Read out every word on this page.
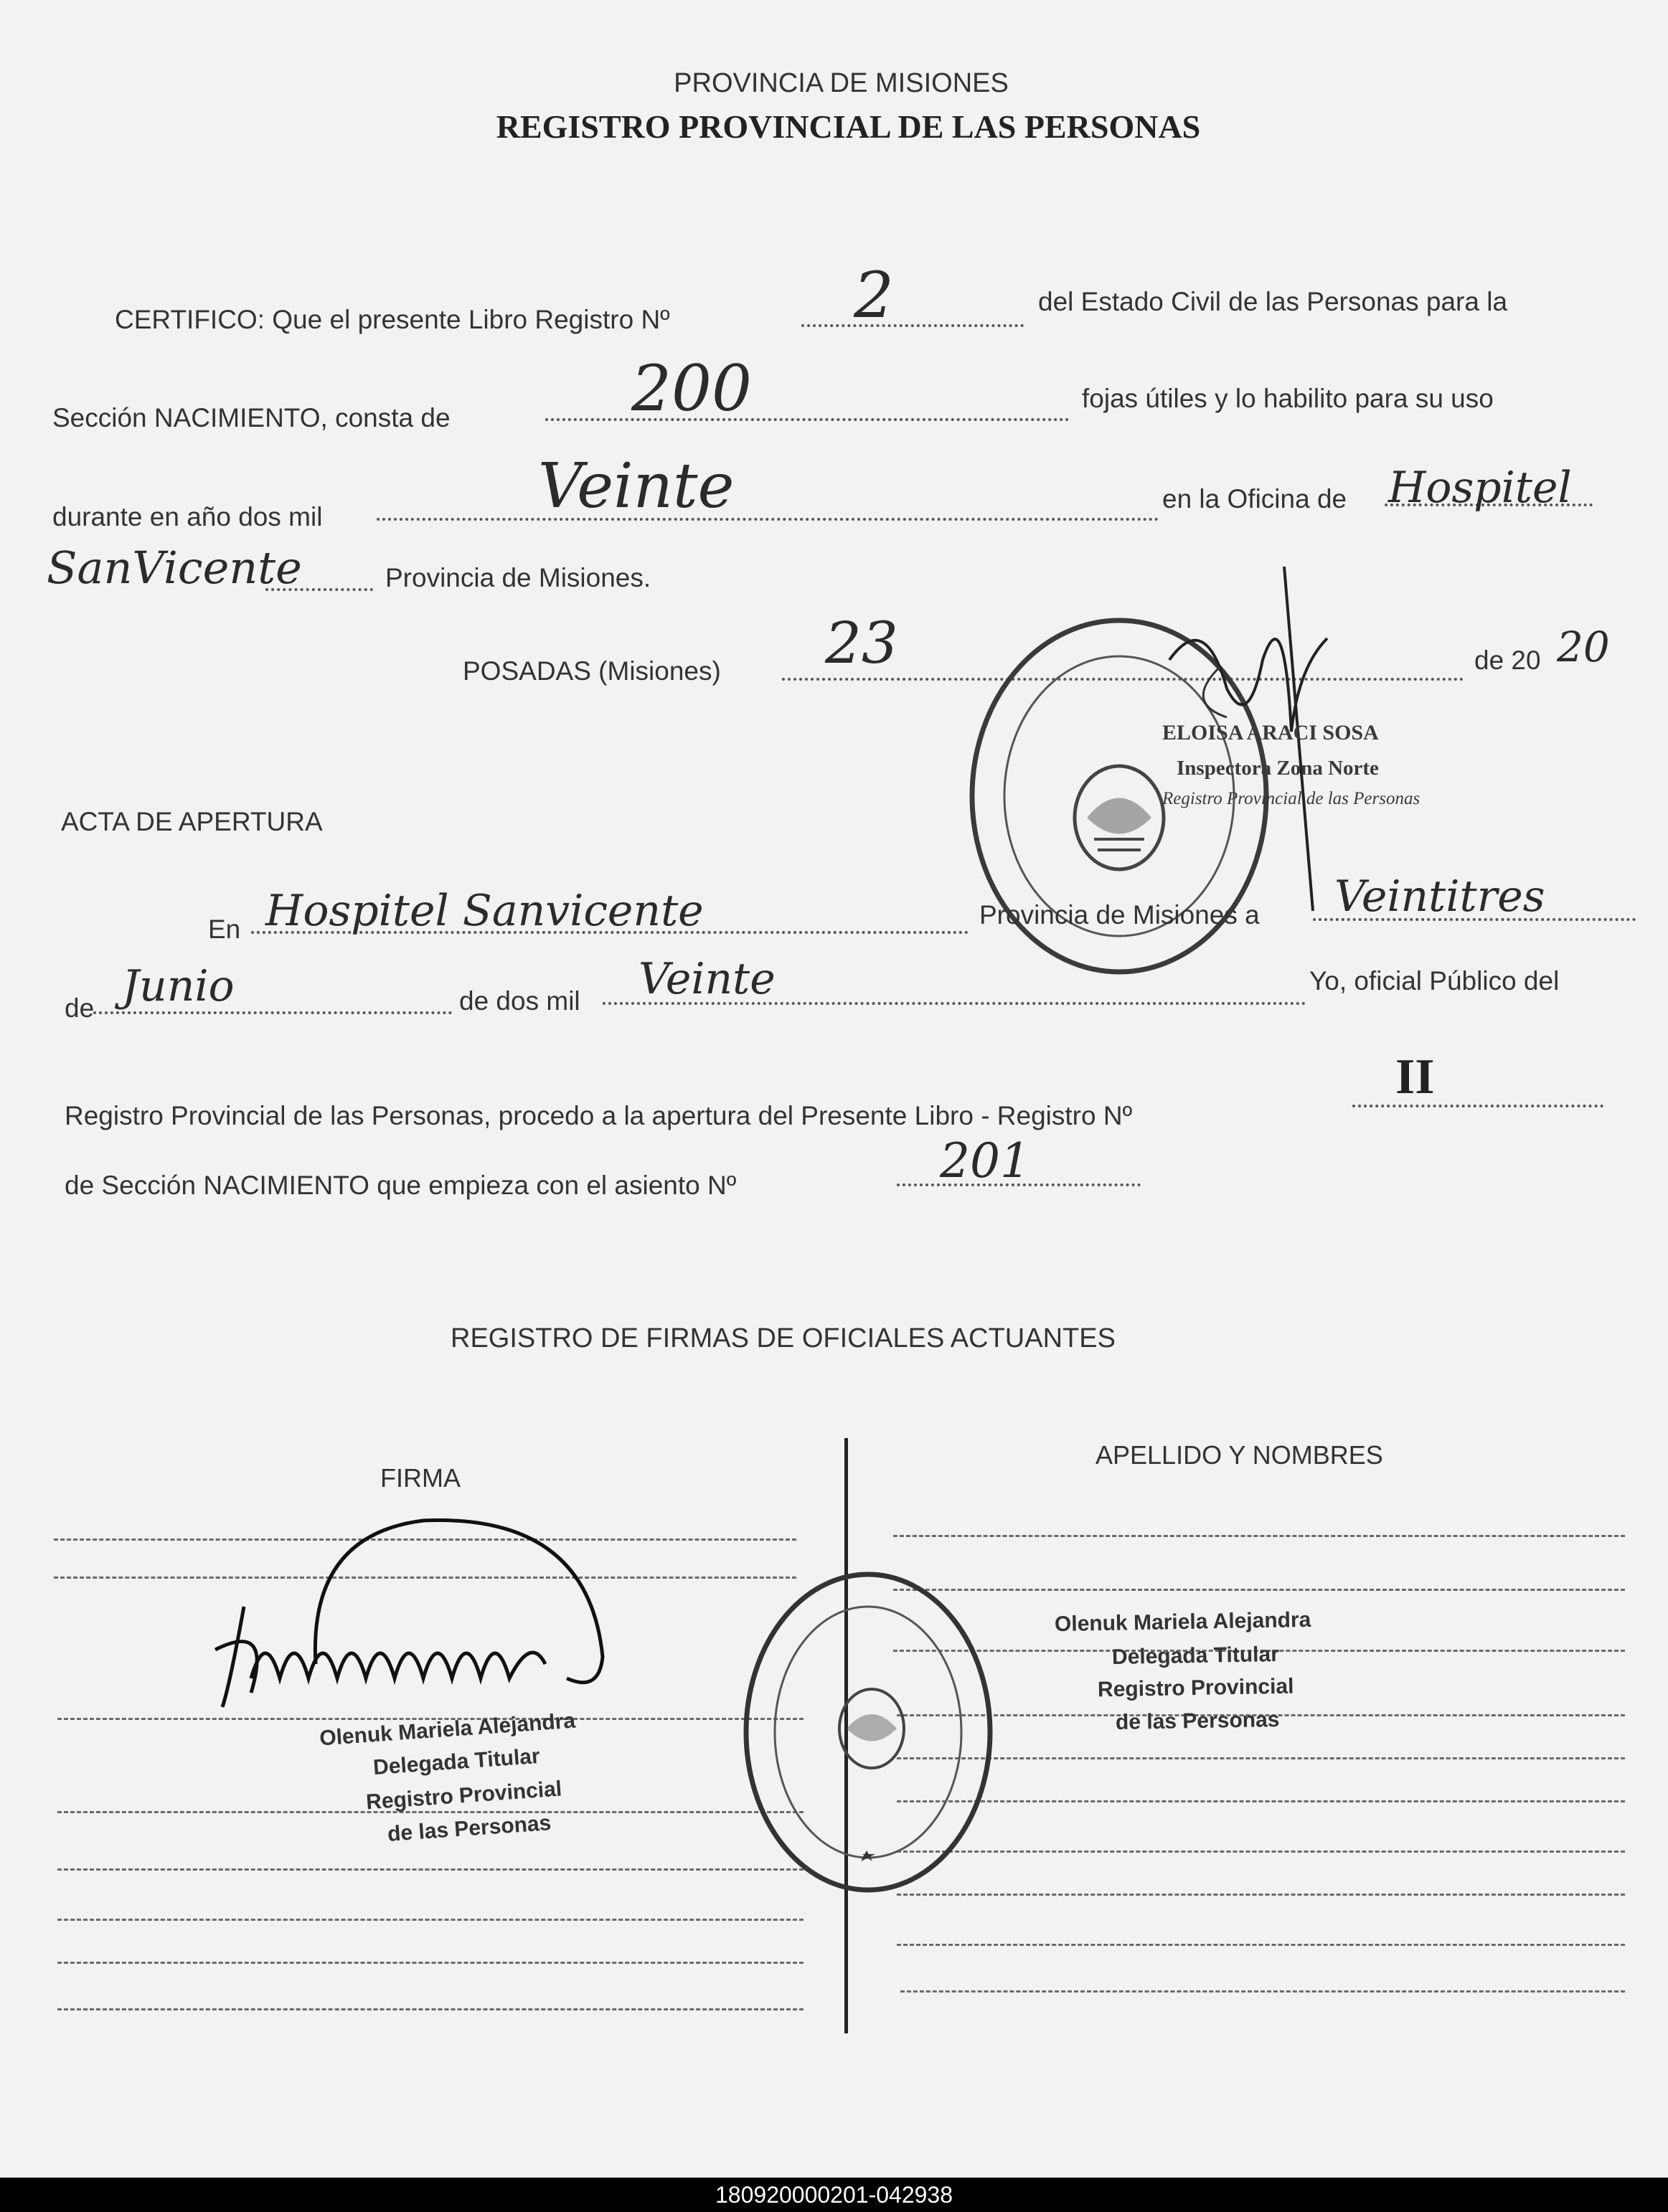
PROVINCIA DE MISIONES
REGISTRO PROVINCIAL DE LAS PERSONAS
CERTIFICO: Que el presente Libro Registro Nº	2	del Estado Civil de las Personas para la
Sección NACIMIENTO, consta de	200	fojas útiles y lo habilito para su uso
durante en año dos mil	Veinte	en la Oficina de Hospitel
SanVicente	Provincia de Misiones.
POSADAS (Misiones) 23	de 20 20
ELOISA ARACI SOSA
Inspectora Zona Norte
Registro Provincial de las Personas
ACTA DE APERTURA
En Hospitel Sanvicente	Provincia de Misiones a Veintitres
de Junio	de dos mil Veinte	Yo, oficial Público del
Registro Provincial de las Personas, procedo a la apertura del Presente Libro - Registro Nº
II
de Sección NACIMIENTO que empieza con el asiento Nº	201
REGISTRO DE FIRMAS DE OFICIALES ACTUANTES
FIRMA
APELLIDO Y NOMBRES
Olenuk Mariela Alejandra
Delegada Titular
Registro Provincial
de las Personas
Olenuk Mariela Alejandra
Delegada Titular
Registro Provincial
de las Personas
180920000201-042938
